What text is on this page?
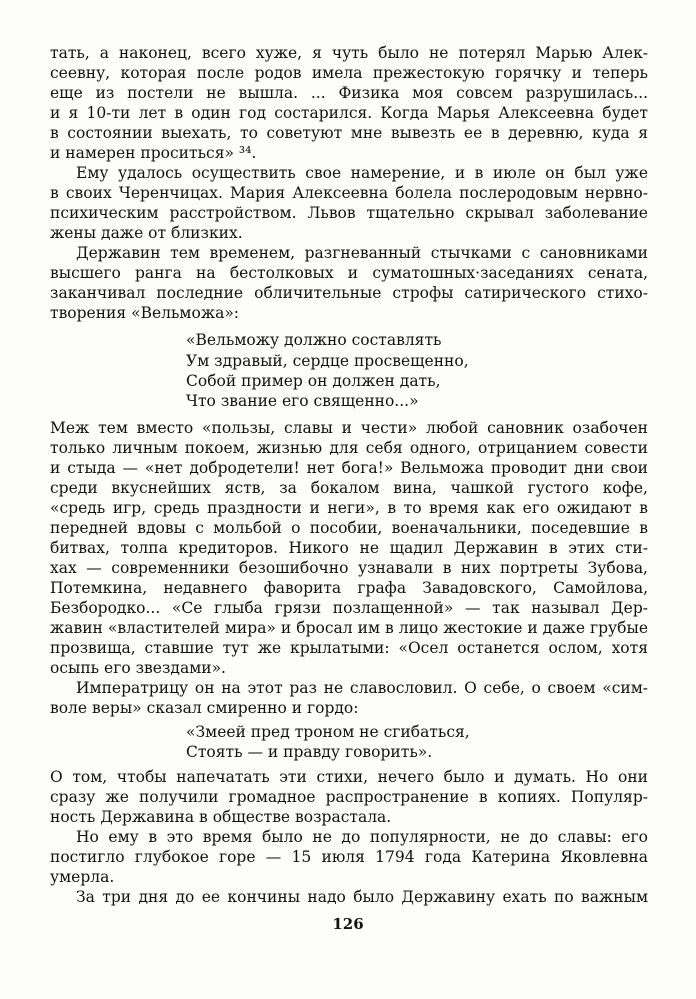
тать, а наконец, всего хуже, я чуть было не потерял Марью Алек-
сеевну, которая после родов имела прежестокую горячку и теперь
еще из постели не вышла. ... Физика моя совсем разрушилась...
и я 10-ти лет в один год состарился. Когда Марья Алексеевна будет
в состоянии выехать, то советуют мне вывезть ее в деревню, куда я
и намерен проситься» ³⁴.
Ему удалось осуществить свое намерение, и в июле он был уже
в своих Черенчицах. Мария Алексеевна болела послеродовым нервно-
психическим расстройством. Львов тщательно скрывал заболевание
жены даже от близких.
Державин тем временем, разгневанный стычками с сановниками
высшего ранга на бестолковых и суматошных·заседаниях сената,
заканчивал последние обличительные строфы сатирического стихо-
творения «Вельможа»:
«Вельможу должно составлять
Ум здравый, сердце просвещенно,
Собой пример он должен дать,
Что звание его священно...»
Меж тем вместо «пользы, славы и чести» любой сановник озабочен
только личным покоем, жизнью для себя одного, отрицанием совести
и стыда — «нет добродетели! нет бога!» Вельможа проводит дни свои
среди вкуснейших яств, за бокалом вина, чашкой густого кофе,
«средь игр, средь праздности и неги», в то время как его ожидают в
передней вдовы с мольбой о пособии, военачальники, поседевшие в
битвах, толпа кредиторов. Никого не щадил Державин в этих сти-
хах — современники безошибочно узнавали в них портреты Зубова,
Потемкина, недавнего фаворита графа Завадовского, Самойлова,
Безбородко... «Се глыба грязи позлащенной» — так называл Дер-
жавин «властителей мира» и бросал им в лицо жестокие и даже грубые
прозвища, ставшие тут же крылатыми: «Осел останется ослом, хотя
осыпь его звездами».
Императрицу он на этот раз не славословил. О себе, о своем «сим-
воле веры» сказал смиренно и гордо:
«Змеей пред троном не сгибаться,
Стоять — и правду говорить».
О том, чтобы напечатать эти стихи, нечего было и думать. Но они
сразу же получили громадное распространение в копиях. Популяр-
ность Державина в обществе возрастала.
Но ему в это время было не до популярности, не до славы: его
постигло глубокое горе — 15 июля 1794 года Катерина Яковлевна
умерла.
За три дня до ее кончины надо было Державину ехать по важным
126
